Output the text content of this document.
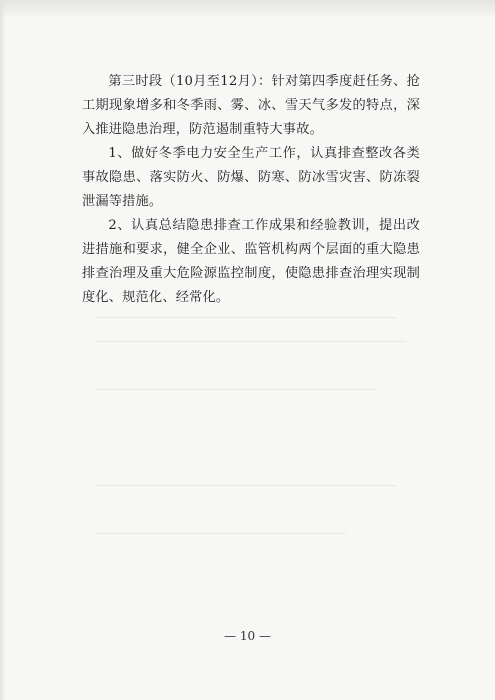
第三时段（10月至12月）：针对第四季度赶任务、抢工期现象增多和冬季雨、雾、冰、雪天气多发的特点，深入推进隐患治理，防范遏制重特大事故。

1、做好冬季电力安全生产工作，认真排查整改各类事故隐患、落实防火、防爆、防寒、防冰雪灾害、防冻裂泄漏等措施。

2、认真总结隐患排查工作成果和经验教训，提出改进措施和要求，健全企业、监管机构两个层面的重大隐患排查治理及重大危险源监控制度，使隐患排查治理实现制度化、规范化、经常化。

— 10 —
